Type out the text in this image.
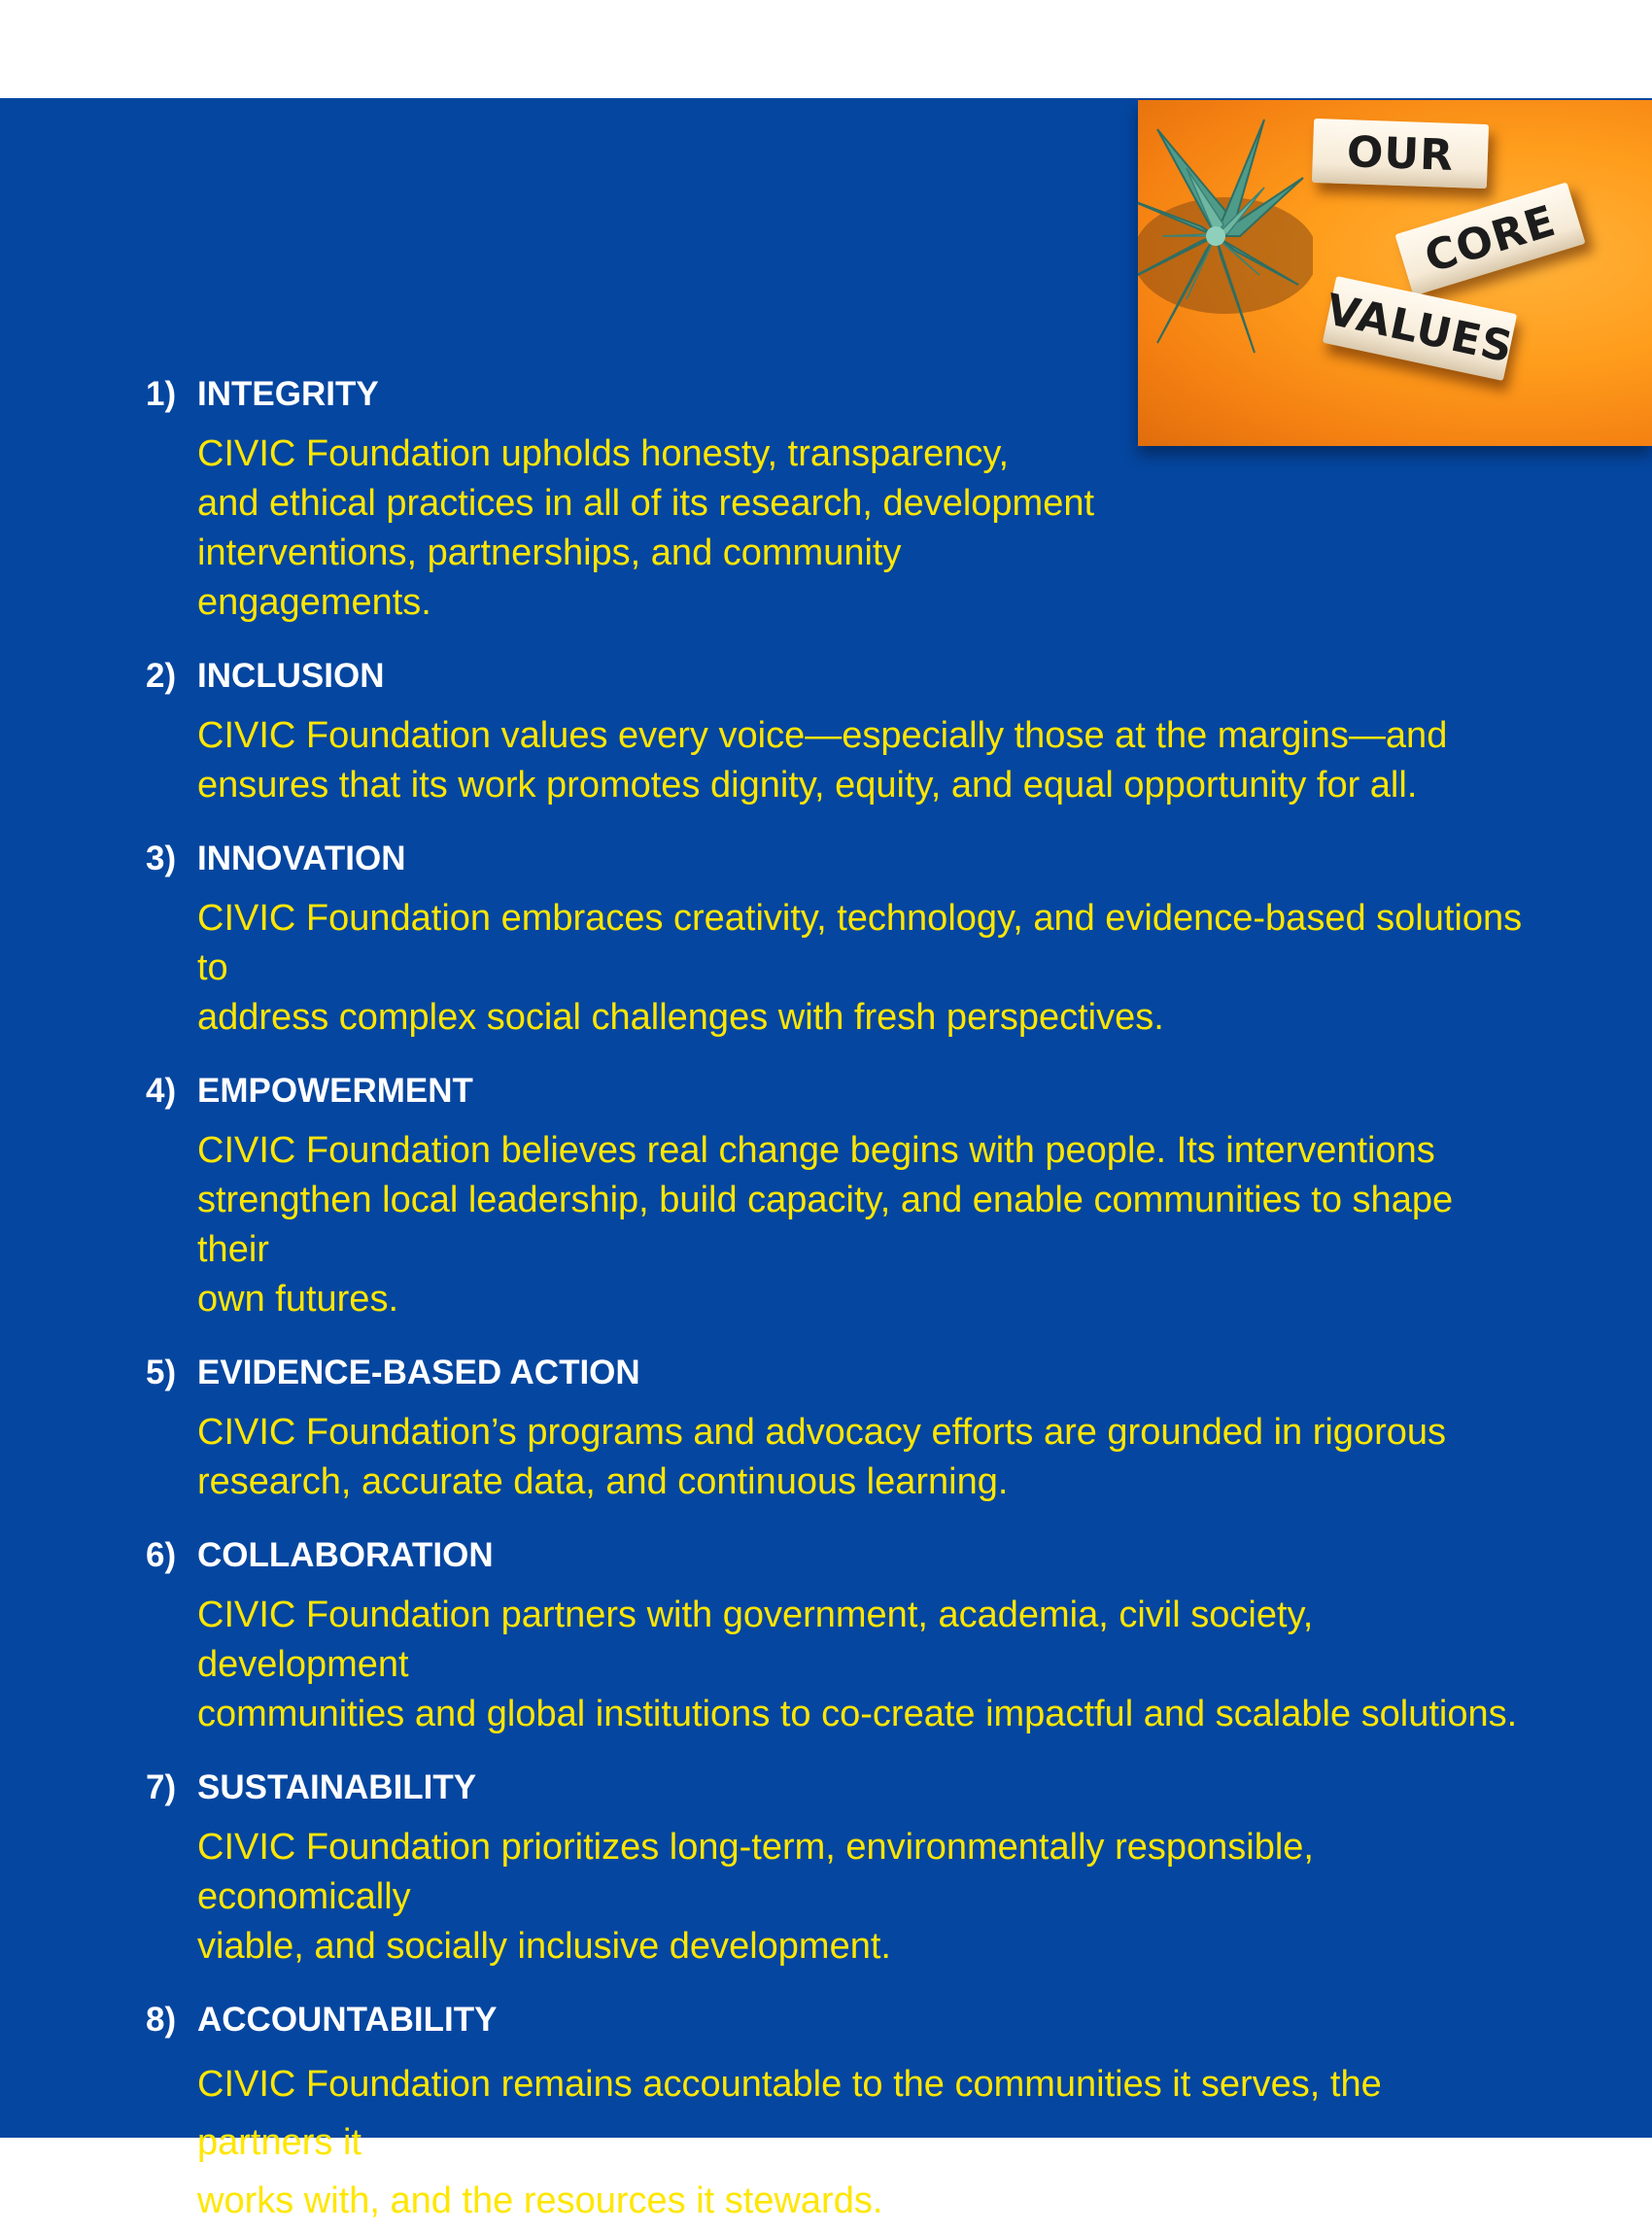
OUR
CORE
VALUES
1) INTEGRITY
CIVIC Foundation upholds honesty, transparency,
and ethical practices in all of its research, development
interventions, partnerships, and community engagements.
2) INCLUSION
CIVIC Foundation values every voice—especially those at the margins—and
ensures that its work promotes dignity, equity, and equal opportunity for all.
3) INNOVATION
CIVIC Foundation embraces creativity, technology, and evidence-based solutions to
address complex social challenges with fresh perspectives.
4) EMPOWERMENT
CIVIC Foundation believes real change begins with people. Its interventions
strengthen local leadership, build capacity, and enable communities to shape their
own futures.
5) EVIDENCE-BASED ACTION
CIVIC Foundation’s programs and advocacy efforts are grounded in rigorous
research, accurate data, and continuous learning.
6) COLLABORATION
CIVIC Foundation partners with government, academia, civil society, development
communities and global institutions to co-create impactful and scalable solutions.
7) SUSTAINABILITY
CIVIC Foundation prioritizes long-term, environmentally responsible, economically
viable, and socially inclusive development.
8) ACCOUNTABILITY
CIVIC Foundation remains accountable to the communities it serves, the partners it
works with, and the resources it stewards.
